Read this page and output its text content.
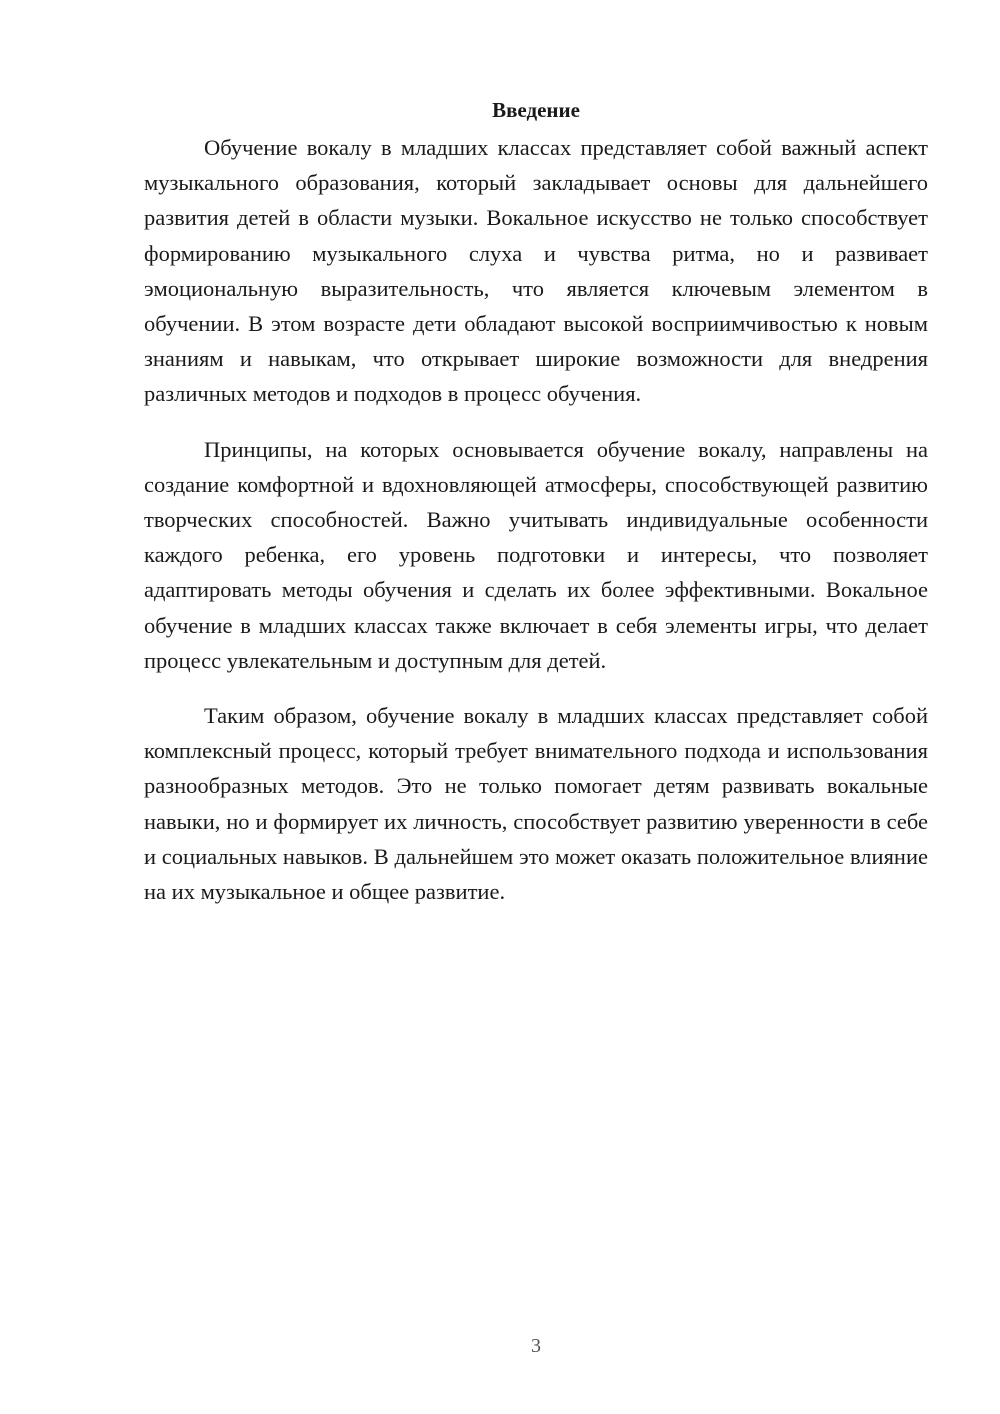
Введение

Обучение вокалу в младших классах представляет собой важный аспект музыкального образования, который закладывает основы для дальнейшего развития детей в области музыки. Вокальное искусство не только способствует формированию музыкального слуха и чувства ритма, но и развивает эмоциональную выразительность, что является ключевым элементом в обучении. В этом возрасте дети обладают высокой восприимчивостью к новым знаниям и навыкам, что открывает широкие возможности для внедрения различных методов и подходов в процесс обучения.

Принципы, на которых основывается обучение вокалу, направлены на создание комфортной и вдохновляющей атмосферы, способствующей развитию творческих способностей. Важно учитывать индивидуальные особенности каждого ребенка, его уровень подготовки и интересы, что позволяет адаптировать методы обучения и сделать их более эффективными. Вокальное обучение в младших классах также включает в себя элементы игры, что делает процесс увлекательным и доступным для детей.

Таким образом, обучение вокалу в младших классах представляет собой комплексный процесс, который требует внимательного подхода и использования разнообразных методов. Это не только помогает детям развивать вокальные навыки, но и формирует их личность, способствует развитию уверенности в себе и социальных навыков. В дальнейшем это может оказать положительное влияние на их музыкальное и общее развитие.

3
